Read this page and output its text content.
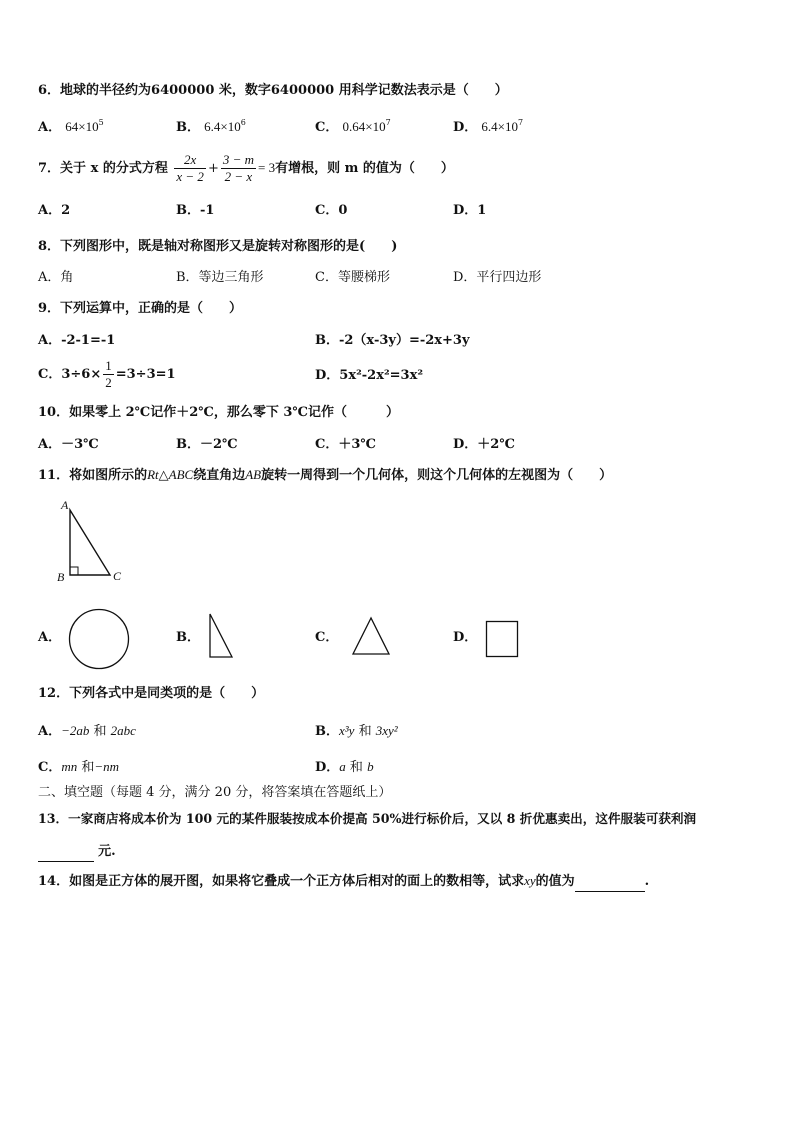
6．地球的半径约为6400000 米，数字6400000 用科学记数法表示是（　　）
A． $64\times 10^5$	B． $6.4\times 10^6$	C． $0.64\times 10^7$	D． $6.4\times 10^7$
7．关于 x 的分式方程 $\frac{2x}{x - 2} + \frac{3 - m}{2 - x} = 3$有增根，则 m 的值为（　　）
A．2	B．-1	C．0	D．1
8．下列图形中，既是轴对称图形又是旋转对称图形的是(　　)
A．角	B．等边三角形	C．等腰梯形	D．平行四边形
9．下列运算中，正确的是（　　）
A．-2-1=-1	B．-2（x-3y）=-2x+3y
C．$3\div 6\times \frac{1}{2} =3\div 3=1$	D．5x²-2x²=3x²
10．如果零上 2℃记作＋2℃，那么零下 3℃记作（　　　）
A．－3℃	B．－2℃	C．＋3℃	D．＋2℃
11．将如图所示的Rt△ABC绕直角边AB旋转一周得到一个几何体，则这个几何体的左视图为（　　）
A
B	C
A．	B．	C．	D．
12．下列各式中是同类项的是（　　）
A．−2ab 和 2abc	B．x³y 和 3xy²
C．mn 和−nm	D．a 和 b
二、填空题（每题 4 分，满分 20 分，将答案填在答题纸上）
13．一家商店将成本价为 100 元的某件服装按成本价提高 50%进行标价后，又以 8 折优惠卖出，这件服装可获利润
元.
14．如图是正方体的展开图，如果将它叠成一个正方体后相对的面上的数相等，试求xy的值为	.
